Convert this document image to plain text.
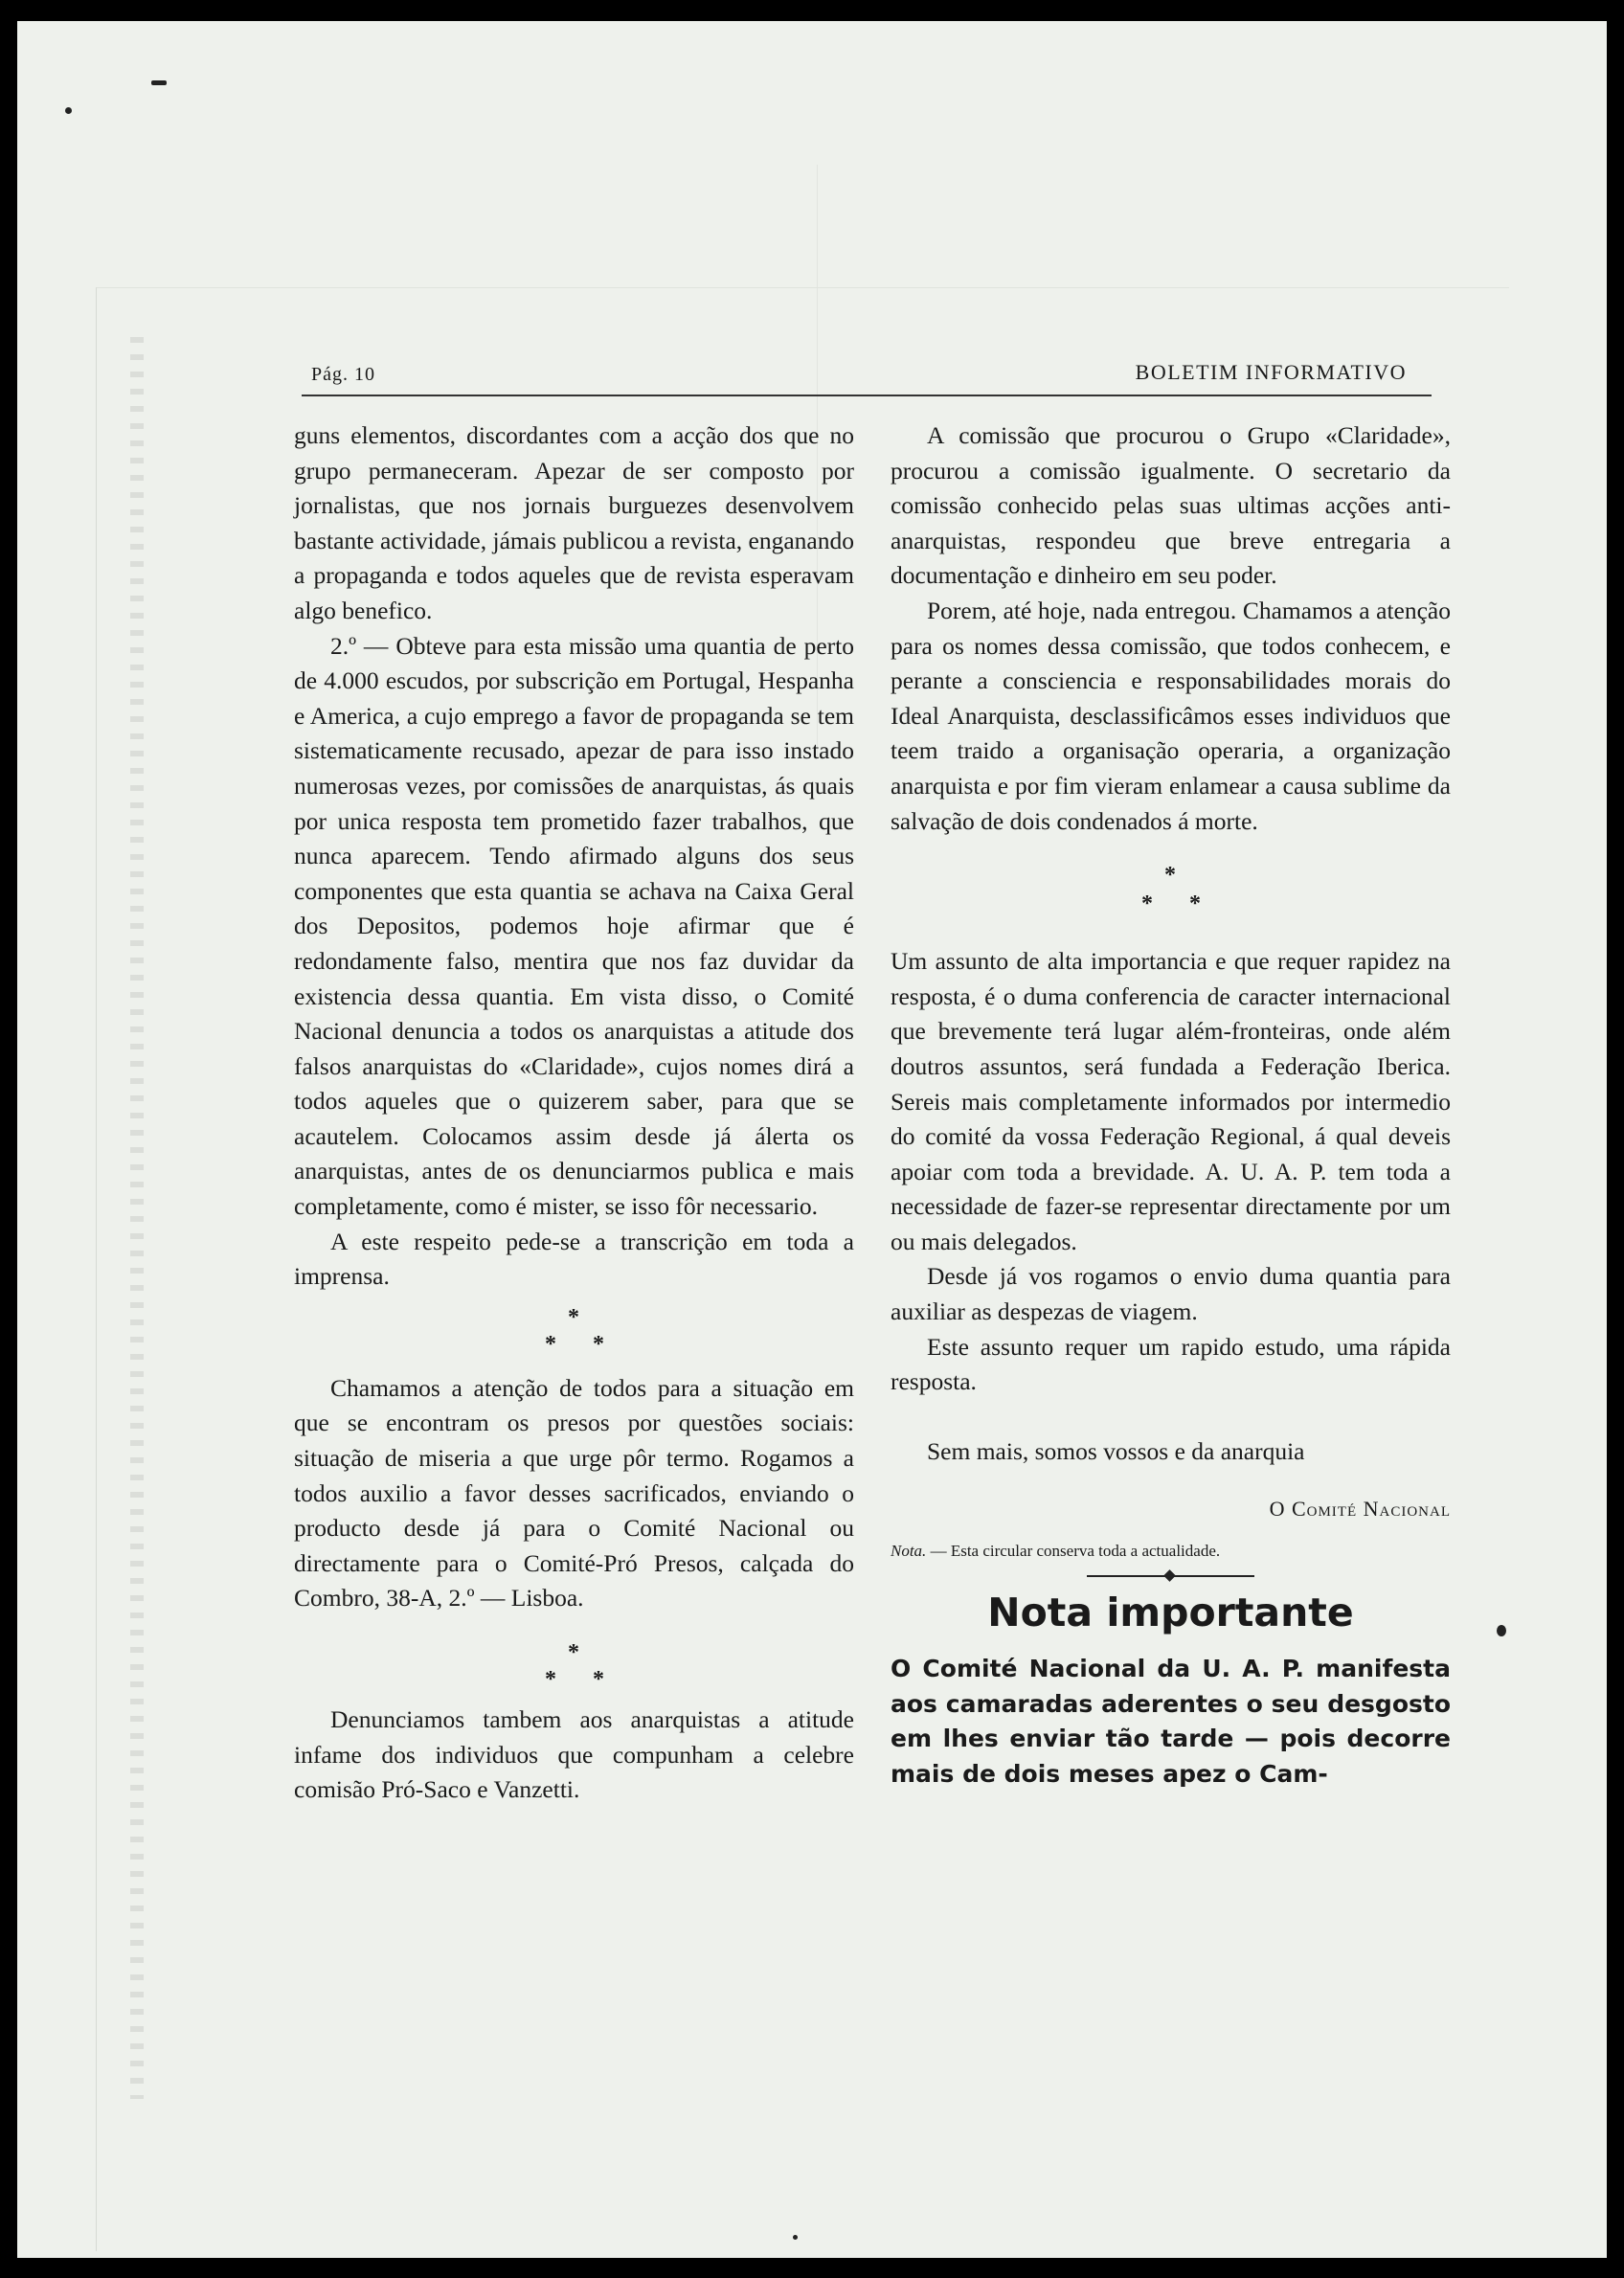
Pág. 10	BOLETIM INFORMATIVO

guns elementos, discordantes com a acção dos que no grupo permaneceram. Apezar de ser composto por jornalistas, que nos jornais burguezes desenvolvem bastante actividade, jámais publicou a revista, enganando a propaganda e todos aqueles que de revista esperavam algo benefico.

2.º — Obteve para esta missão uma quantia de perto de 4.000 escudos, por subscrição em Portugal, Hespanha e America, a cujo emprego a favor de propaganda se tem sistematicamente recusado, apezar de para isso instado numerosas vezes, por comissões de anarquistas, ás quais por unica resposta tem prometido fazer trabalhos, que nunca aparecem. Tendo afirmado alguns dos seus componentes que esta quantia se achava na Caixa Geral dos Depositos, podemos hoje afirmar que é redondamente falso, mentira que nos faz duvidar da existencia dessa quantia. Em vista disso, o Comité Nacional denuncia a todos os anarquistas a atitude dos falsos anarquistas do «Claridade», cujos nomes dirá a todos aqueles que o quizerem saber, para que se acautelem. Colocamos assim desde já álerta os anarquistas, antes de os denunciarmos publica e mais completamente, como é mister, se isso fôr necessario.

A este respeito pede-se a transcrição em toda a imprensa.

*
* *

Chamamos a atenção de todos para a situação em que se encontram os presos por questões sociais: situação de miseria a que urge pôr termo. Rogamos a todos auxilio a favor desses sacrificados, enviando o producto desde já para o Comité Nacional ou directamente para o Comité-Pró Presos, calçada do Combro, 38-A, 2.º — Lisboa.

*
* *

Denunciamos tambem aos anarquistas a atitude infame dos individuos que compunham a celebre comisão Pró-Saco e Vanzetti.

A comissão que procurou o Grupo «Claridade», procurou a comissão igualmente. O secretario da comissão conhecido pelas suas ultimas acções anti-anarquistas, respondeu que breve entregaria a documentação e dinheiro em seu poder.

Porem, até hoje, nada entregou. Chamamos a atenção para os nomes dessa comissão, que todos conhecem, e perante a consciencia e responsabilidades morais do Ideal Anarquista, desclassificâmos esses individuos que teem traido a organisação operaria, a organização anarquista e por fim vieram enlamear a causa sublime da salvação de dois condenados á morte.

*
* *

Um assunto de alta importancia e que requer rapidez na resposta, é o duma conferencia de caracter internacional que brevemente terá lugar além-fronteiras, onde além doutros assuntos, será fundada a Federação Iberica. Sereis mais completamente informados por intermedio do comité da vossa Federação Regional, á qual deveis apoiar com toda a brevidade. A. U. A. P. tem toda a necessidade de fazer-se representar directamente por um ou mais delegados.

Desde já vos rogamos o envio duma quantia para auxiliar as despezas de viagem.

Este assunto requer um rapido estudo, uma rápida resposta.

Sem mais, somos vossos e da anarquia

O Comité Nacional

Nota. — Esta circular conserva toda a actualidade.

Nota importante
O Comité Nacional da U. A. P. manifesta aos camaradas aderentes o seu desgosto em lhes enviar tão tarde — pois decorre mais de dois meses apez o Cam-
